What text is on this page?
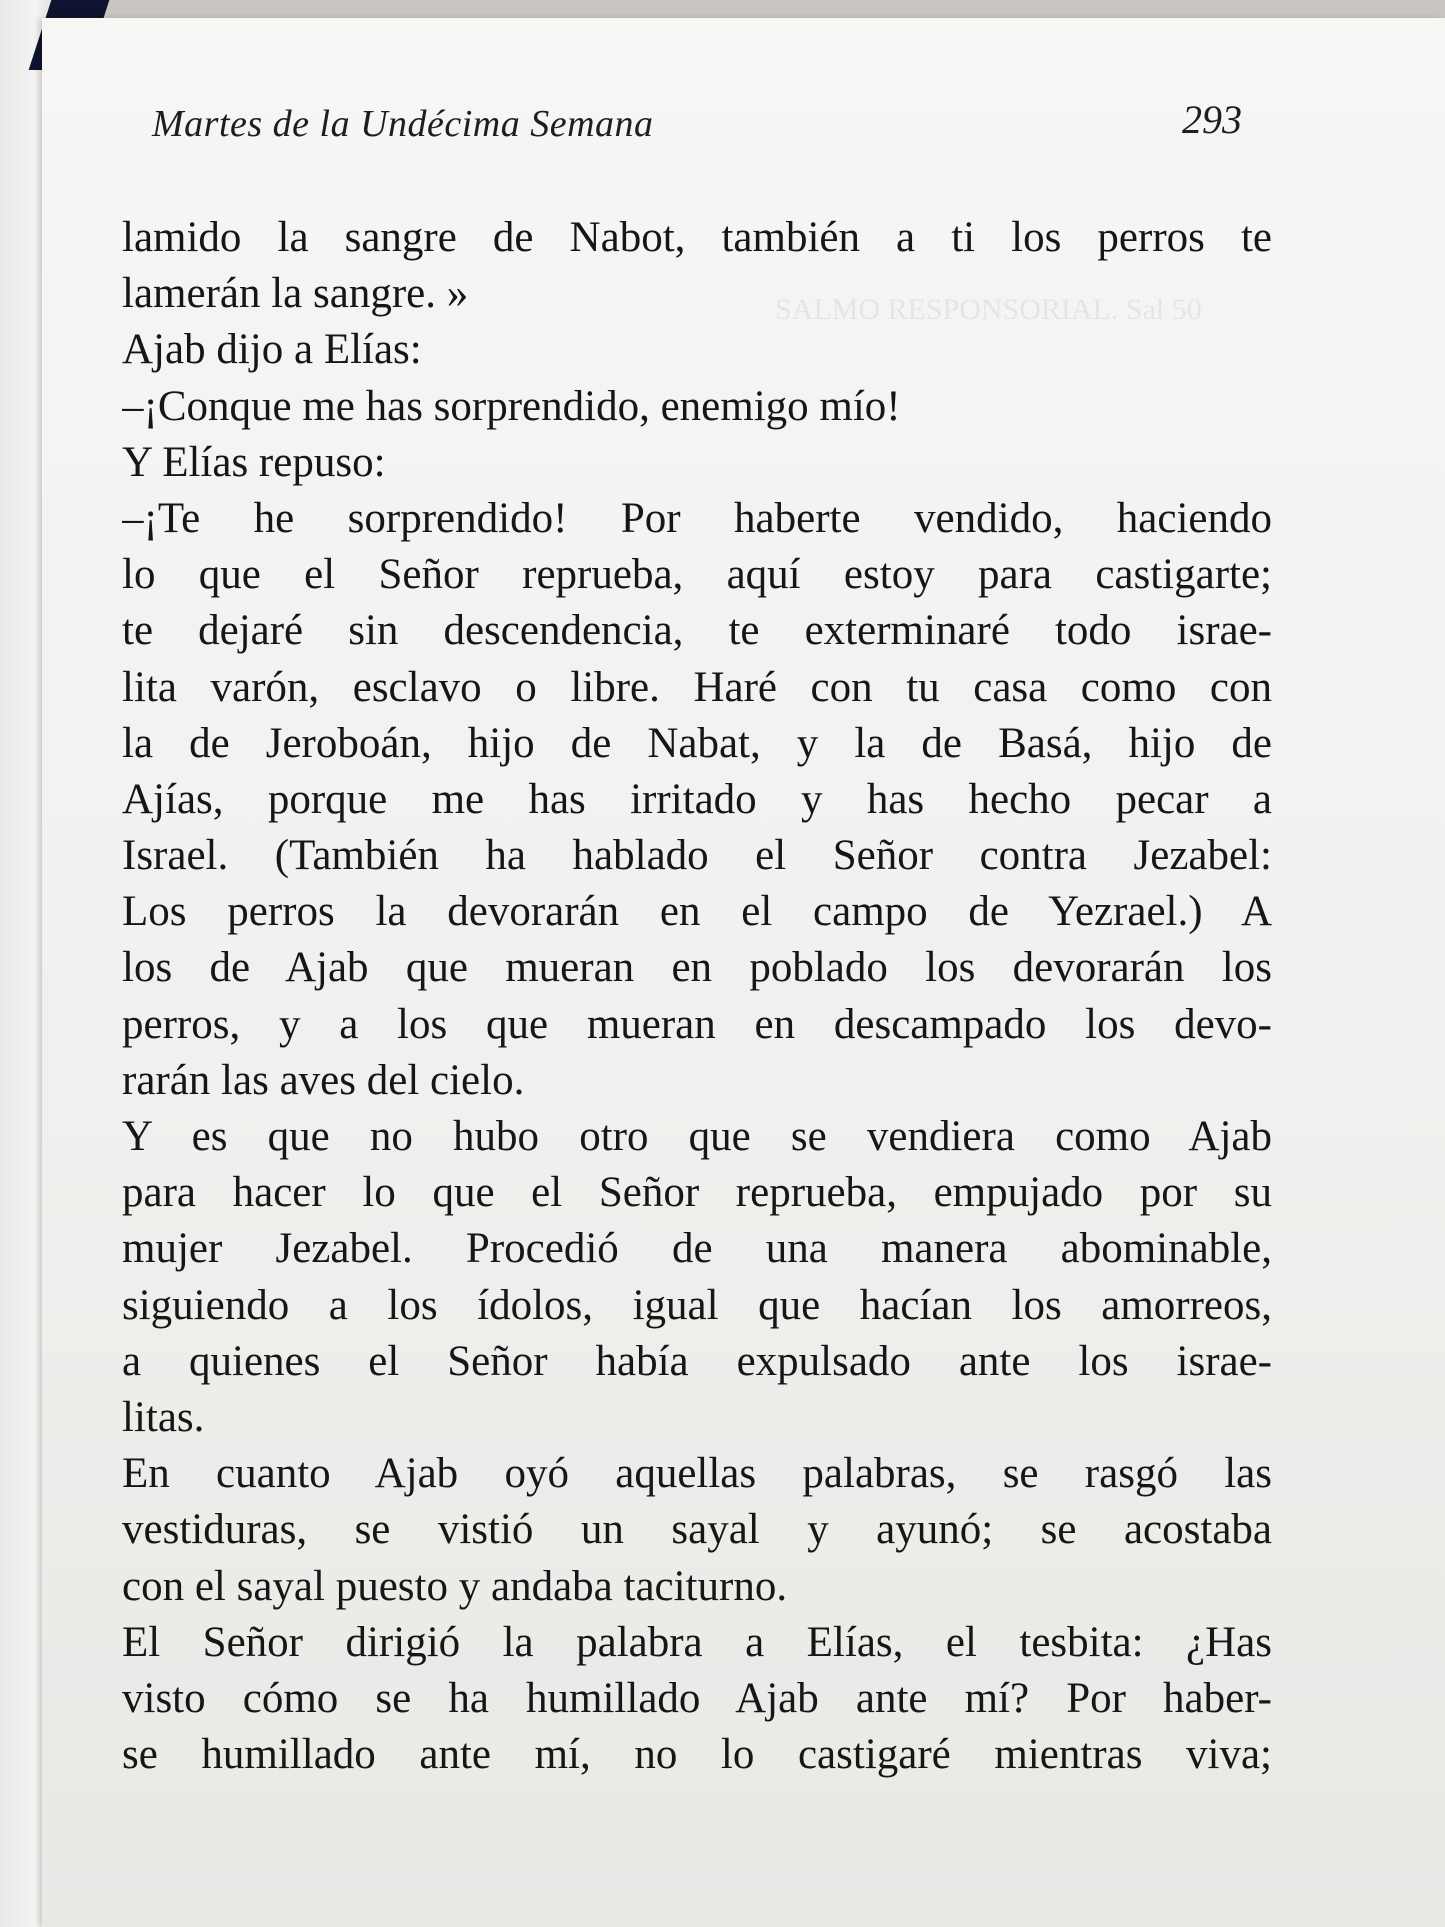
SALMO RESPONSORIAL. Sal 50
Martes de la Undécima Semana	293
lamido la sangre de Nabot, también a ti los perros te
lamerán la sangre. »
Ajab dijo a Elías:
–¡Conque me has sorprendido, enemigo mío!
Y Elías repuso:
–¡Te he sorprendido! Por haberte vendido, haciendo
lo que el Señor reprueba, aquí estoy para castigarte;
te dejaré sin descendencia, te exterminaré todo israe-
lita varón, esclavo o libre. Haré con tu casa como con
la de Jeroboán, hijo de Nabat, y la de Basá, hijo de
Ajías, porque me has irritado y has hecho pecar a
Israel. (También ha hablado el Señor contra Jezabel:
Los perros la devorarán en el campo de Yezrael.) A
los de Ajab que mueran en poblado los devorarán los
perros, y a los que mueran en descampado los devo-
rarán las aves del cielo.
Y es que no hubo otro que se vendiera como Ajab
para hacer lo que el Señor reprueba, empujado por su
mujer Jezabel. Procedió de una manera abominable,
siguiendo a los ídolos, igual que hacían los amorreos,
a quienes el Señor había expulsado ante los israe-
litas.
En cuanto Ajab oyó aquellas palabras, se rasgó las
vestiduras, se vistió un sayal y ayunó; se acostaba
con el sayal puesto y andaba taciturno.
El Señor dirigió la palabra a Elías, el tesbita: ¿Has
visto cómo se ha humillado Ajab ante mí? Por haber-
se humillado ante mí, no lo castigaré mientras viva;
